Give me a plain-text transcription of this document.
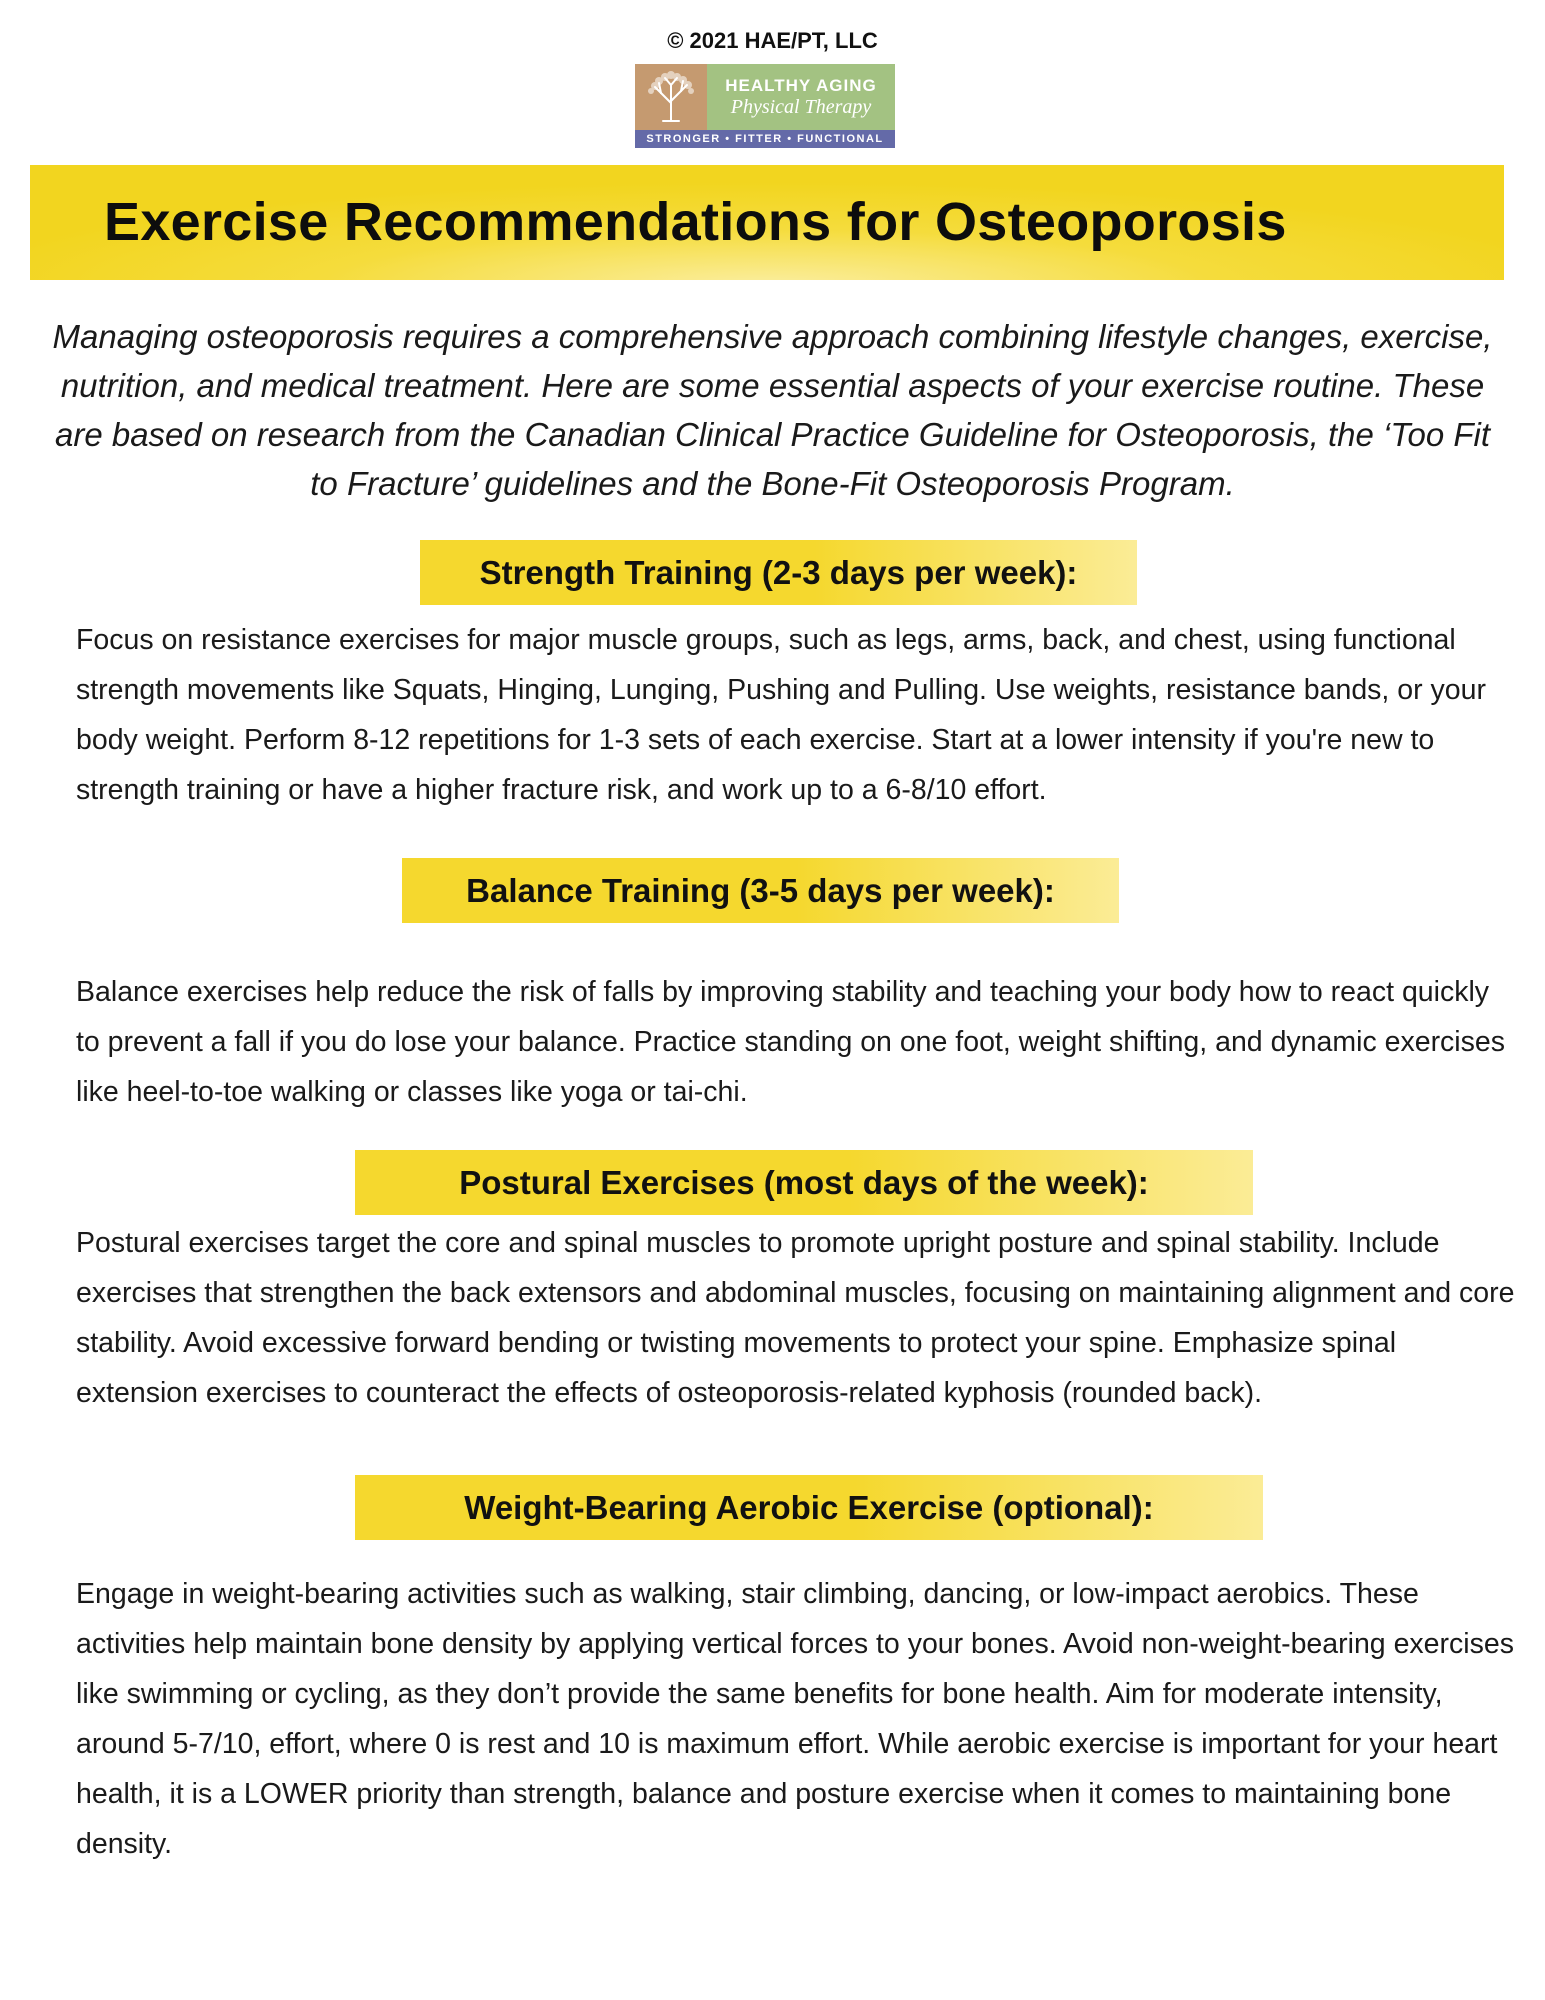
© 2021 HAE/PT, LLC
HEALTHY AGING
Physical Therapy
STRONGER • FITTER • FUNCTIONAL
Exercise Recommendations for Osteoporosis
Managing osteoporosis requires a comprehensive approach combining lifestyle changes, exercise, nutrition, and medical treatment. Here are some essential aspects of your exercise routine. These are based on research from the Canadian Clinical Practice Guideline for Osteoporosis, the ‘Too Fit to Fracture’ guidelines and the Bone-Fit Osteoporosis Program.
Strength Training (2-3 days per week):
Focus on resistance exercises for major muscle groups, such as legs, arms, back, and chest, using functional strength movements like Squats, Hinging, Lunging, Pushing and Pulling. Use weights, resistance bands, or your body weight. Perform 8-12 repetitions for 1-3 sets of each exercise. Start at a lower intensity if you're new to strength training or have a higher fracture risk, and work up to a 6-8/10 effort.
Balance Training (3-5 days per week):
Balance exercises help reduce the risk of falls by improving stability and teaching your body how to react quickly to prevent a fall if you do lose your balance. Practice standing on one foot, weight shifting, and dynamic exercises like heel-to-toe walking or classes like yoga or tai-chi.
Postural Exercises (most days of the week):
Postural exercises target the core and spinal muscles to promote upright posture and spinal stability. Include exercises that strengthen the back extensors and abdominal muscles, focusing on maintaining alignment and core stability. Avoid excessive forward bending or twisting movements to protect your spine. Emphasize spinal extension exercises to counteract the effects of osteoporosis-related kyphosis (rounded back).
Weight-Bearing Aerobic Exercise (optional):
Engage in weight-bearing activities such as walking, stair climbing, dancing, or low-impact aerobics. These activities help maintain bone density by applying vertical forces to your bones. Avoid non-weight-bearing exercises like swimming or cycling, as they don’t provide the same benefits for bone health. Aim for moderate intensity, around 5-7/10, effort, where 0 is rest and 10 is maximum effort. While aerobic exercise is important for your heart health, it is a LOWER priority than strength, balance and posture exercise when it comes to maintaining bone density.
